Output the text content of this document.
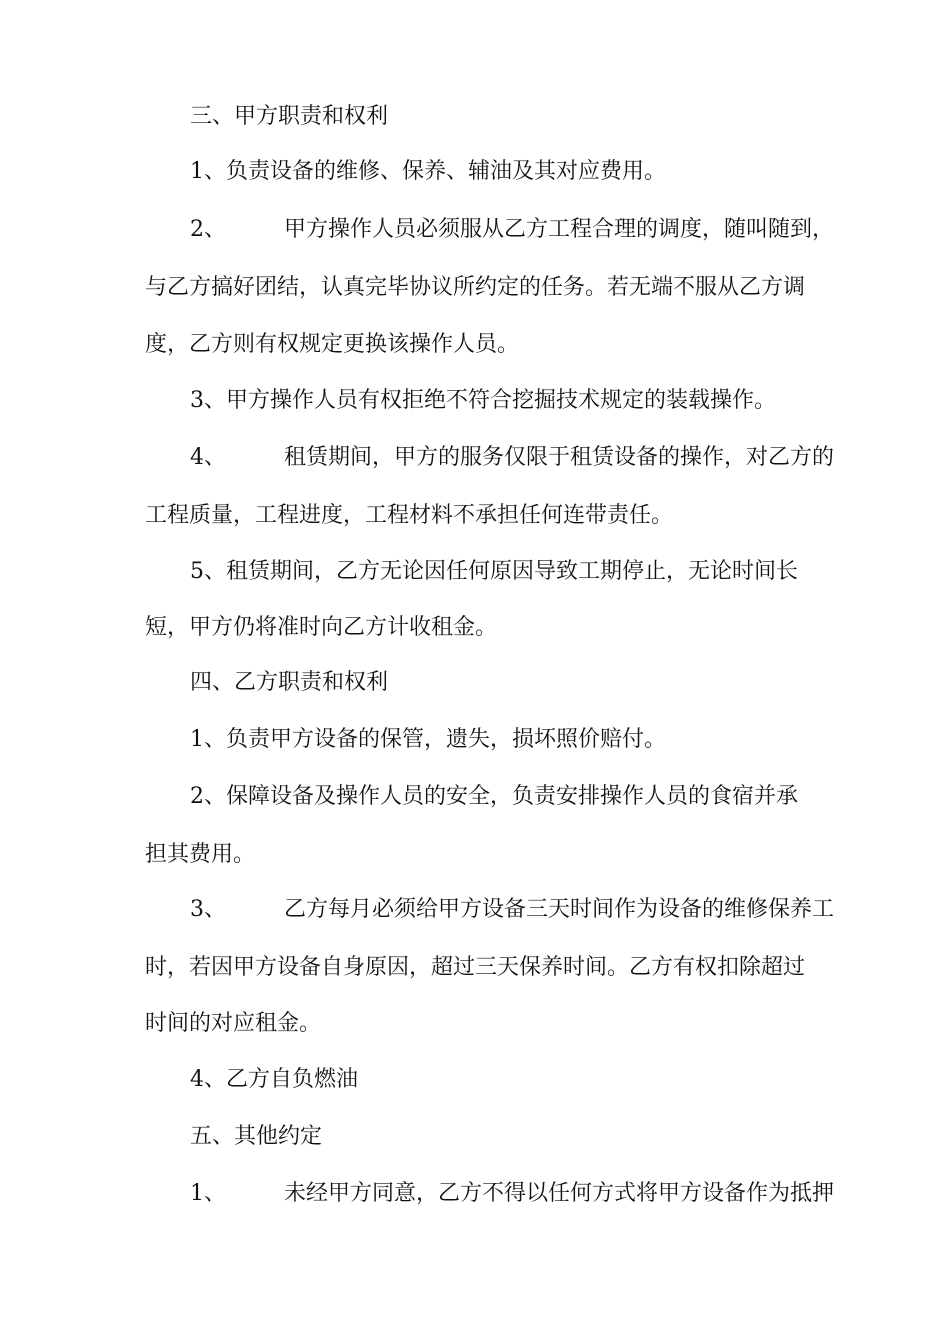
三、甲方职责和权利
1、负责设备的维修、保养、辅油及其对应费用。
2、	甲方操作人员必须服从乙方工程合理的调度，随叫随到，
与乙方搞好团结，认真完毕协议所约定的任务。若无端不服从乙方调
度，乙方则有权规定更换该操作人员。
3、甲方操作人员有权拒绝不符合挖掘技术规定的装载操作。
4、	租赁期间，甲方的服务仅限于租赁设备的操作，对乙方的
工程质量，工程进度，工程材料不承担任何连带责任。
5、租赁期间，乙方无论因任何原因导致工期停止，无论时间长
短，甲方仍将准时向乙方计收租金。
四、乙方职责和权利
1、负责甲方设备的保管，遗失，损坏照价赔付。
2、保障设备及操作人员的安全，负责安排操作人员的食宿并承
担其费用。
3、	乙方每月必须给甲方设备三天时间作为设备的维修保养工
时，若因甲方设备自身原因，超过三天保养时间。乙方有权扣除超过
时间的对应租金。
4、乙方自负燃油
五、其他约定
1、	未经甲方同意，乙方不得以任何方式将甲方设备作为抵押
